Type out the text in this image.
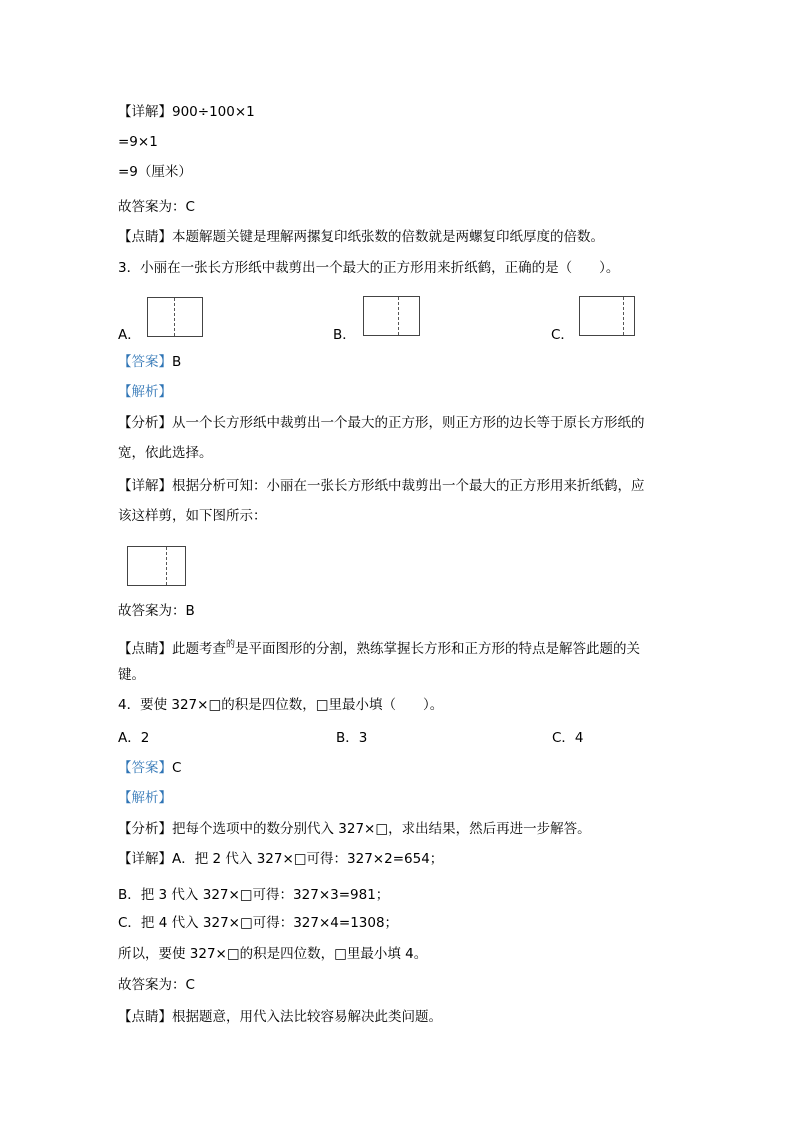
【详解】900÷100×1
=9×1
=9（厘米）
故答案为：C
【点睛】本题解题关键是理解两摞复印纸张数的倍数就是两螺复印纸厚度的倍数。
3．小丽在一张长方形纸中裁剪出一个最大的正方形用来折纸鹤，正确的是（　　）。
A．	B．	C．
【答案】B
【解析】
【分析】从一个长方形纸中裁剪出一个最大的正方形，则正方形的边长等于原长方形纸的
宽，依此选择。
【详解】根据分析可知：小丽在一张长方形纸中裁剪出一个最大的正方形用来折纸鹤，应
该这样剪，如下图所示：
故答案为：B
【点睛】此题考查$^的$是平面图形的分割，熟练掌握长方形和正方形的特点是解答此题的关
键。
4．要使 327×□的积是四位数，□里最小填（　　）。
A．2	B．3	C．4
【答案】C
【解析】
【分析】把每个选项中的数分别代入 327×□，求出结果，然后再进一步解答。
【详解】A．把 2 代入 327×□可得：327×2=654；
B．把 3 代入 327×□可得：327×3=981；
C．把 4 代入 327×□可得：327×4=1308；
所以，要使 327×□的积是四位数，□里最小填 4。
故答案为：C
【点睛】根据题意，用代入法比较容易解决此类问题。
